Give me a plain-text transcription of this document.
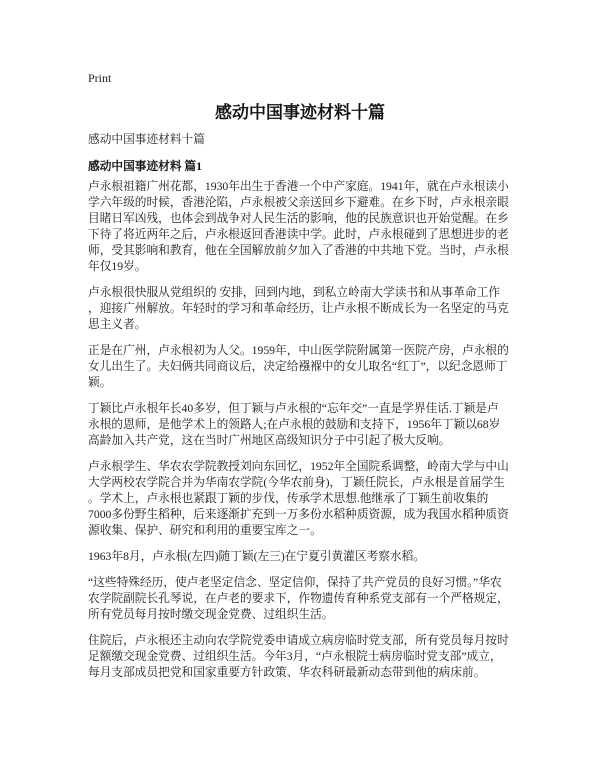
Print
感动中国事迹材料十篇
感动中国事迹材料十篇
感动中国事迹材料 篇1
卢永根祖籍广州花都，1930年出生于香港一个中产家庭。1941年，就在卢永根读小
学六年级的时候，香港沦陷，卢永根被父亲送回乡下避难。在乡下时，卢永根亲眼
目睹日军凶残，也体会到战争对人民生活的影响，他的民族意识也开始觉醒。在乡
下待了将近两年之后，卢永根返回香港读中学。此时，卢永根碰到了思想进步的老
师，受其影响和教育，他在全国解放前夕加入了香港的中共地下党。当时，卢永根
年仅19岁。
卢永根很快服从党组织的 安排，回到内地，到私立岭南大学读书和从事革命工作
，迎接广州解放。年轻时的学习和革命经历，让卢永根不断成长为一名坚定的马克
思主义者。
正是在广州，卢永根初为人父。1959年，中山医学院附属第一医院产房，卢永根的
女儿出生了。夫妇俩共同商议后，决定给襁褓中的女儿取名“红丁”，以纪念恩师丁
颖。
丁颖比卢永根年长40多岁，但丁颖与卢永根的“忘年交”一直是学界佳话.丁颖是卢
永根的恩师，是他学术上的领路人;在卢永根的鼓励和支持下，1956年丁颖以68岁
高龄加入共产党，这在当时广州地区高级知识分子中引起了极大反响。
卢永根学生、华农农学院教授刘向东回忆，1952年全国院系调整，岭南大学与中山
大学两校农学院合并为华南农学院(今华农前身)，丁颖任院长，卢永根是首届学生
。学术上，卢永根也紧跟丁颖的步伐，传承学术思想.他继承了丁颖生前收集的
7000多份野生稻种，后来逐渐扩充到一万多份水稻种质资源，成为我国水稻种质资
源收集、保护、研究和利用的重要宝库之一。
1963年8月，卢永根(左四)随丁颖(左三)在宁夏引黄灌区考察水稻。
“这些特殊经历，使卢老坚定信念、坚定信仰，保持了共产党员的良好习惯。”华农
农学院副院长孔琴说，在卢老的要求下，作物遗传育种系党支部有一个严格规定，
所有党员每月按时缴交现金党费、过组织生活。
住院后，卢永根还主动向农学院党委申请成立病房临时党支部，所有党员每月按时
足额缴交现金党费、过组织生活。今年3月，“卢永根院士病房临时党支部”成立，
每月支部成员把党和国家重要方针政策、华农科研最新动态带到他的病床前。
